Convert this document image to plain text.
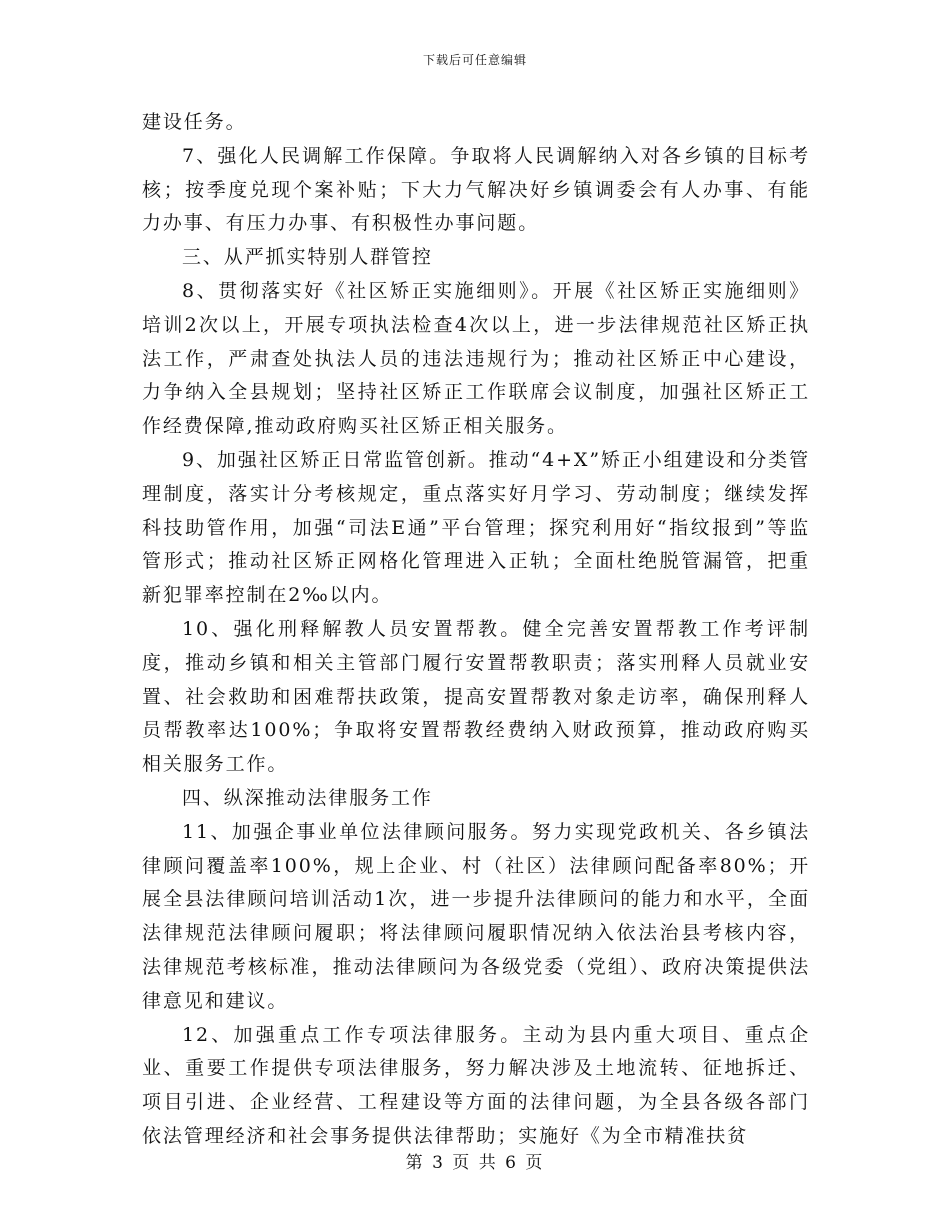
下载后可任意编辑

建设任务。

7、强化人民调解工作保障。争取将人民调解纳入对各乡镇的目标考核；按季度兑现个案补贴；下大力气解决好乡镇调委会有人办事、有能力办事、有压力办事、有积极性办事问题。

三、从严抓实特别人群管控

8、贯彻落实好《社区矫正实施细则》。开展《社区矫正实施细则》培训2次以上，开展专项执法检查4次以上，进一步法律规范社区矫正执法工作，严肃查处执法人员的违法违规行为；推动社区矫正中心建设，力争纳入全县规划；坚持社区矫正工作联席会议制度，加强社区矫正工作经费保障,推动政府购买社区矫正相关服务。

9、加强社区矫正日常监管创新。推动“4+X”矫正小组建设和分类管理制度，落实计分考核规定，重点落实好月学习、劳动制度；继续发挥科技助管作用，加强“司法E通”平台管理；探究利用好“指纹报到”等监管形式；推动社区矫正网格化管理进入正轨；全面杜绝脱管漏管，把重新犯罪率控制在2‰以内。

10、强化刑释解教人员安置帮教。健全完善安置帮教工作考评制度，推动乡镇和相关主管部门履行安置帮教职责；落实刑释人员就业安置、社会救助和困难帮扶政策，提高安置帮教对象走访率，确保刑释人员帮教率达100%；争取将安置帮教经费纳入财政预算，推动政府购买相关服务工作。

四、纵深推动法律服务工作

11、加强企事业单位法律顾问服务。努力实现党政机关、各乡镇法律顾问覆盖率100%，规上企业、村（社区）法律顾问配备率80%；开展全县法律顾问培训活动1次，进一步提升法律顾问的能力和水平，全面法律规范法律顾问履职；将法律顾问履职情况纳入依法治县考核内容，法律规范考核标准，推动法律顾问为各级党委（党组）、政府决策提供法律意见和建议。

12、加强重点工作专项法律服务。主动为县内重大项目、重点企业、重要工作提供专项法律服务，努力解决涉及土地流转、征地拆迁、项目引进、企业经营、工程建设等方面的法律问题，为全县各级各部门依法管理经济和社会事务提供法律帮助；实施好《为全市精准扶贫

第 3 页 共 6 页
